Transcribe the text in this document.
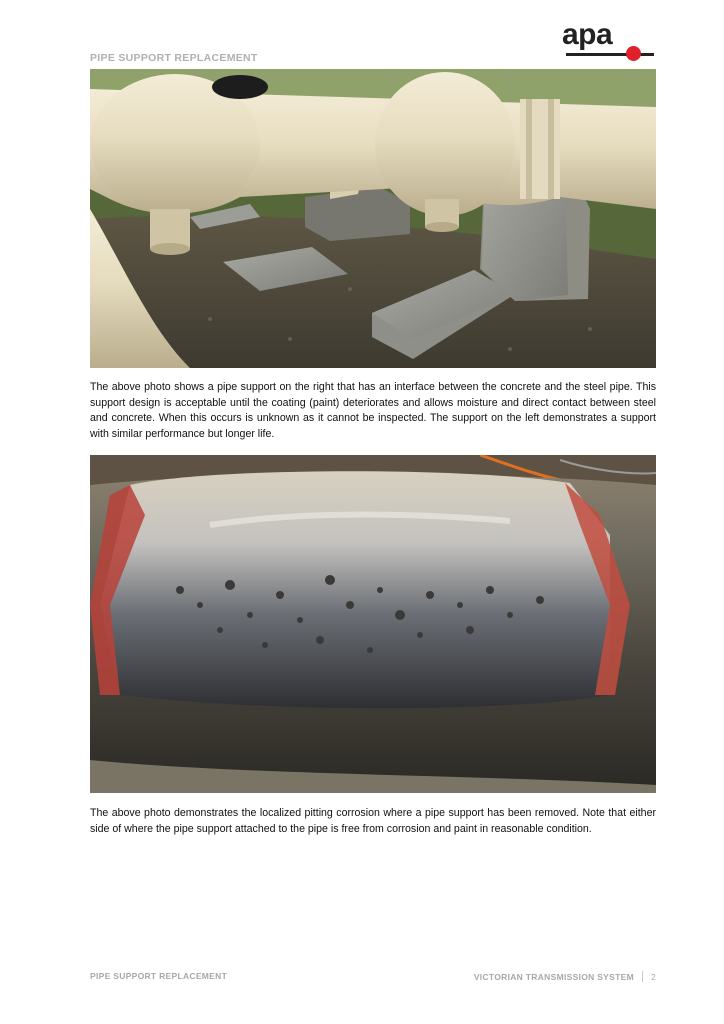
PIPE SUPPORT REPLACEMENT
apa
The above photo shows a pipe support on the right that has an interface between the concrete and the steel pipe. This support design is acceptable until the coating (paint) deteriorates and allows moisture and direct contact between steel and concrete. When this occurs is unknown as it cannot be inspected. The support on the left demonstrates a support with similar performance but longer life.
The above photo demonstrates the localized pitting corrosion where a pipe support has been removed. Note that either side of where the pipe support attached to the pipe is free from corrosion and paint in reasonable condition.
PIPE SUPPORT REPLACEMENT	VICTORIAN TRANSMISSION SYSTEM 2
